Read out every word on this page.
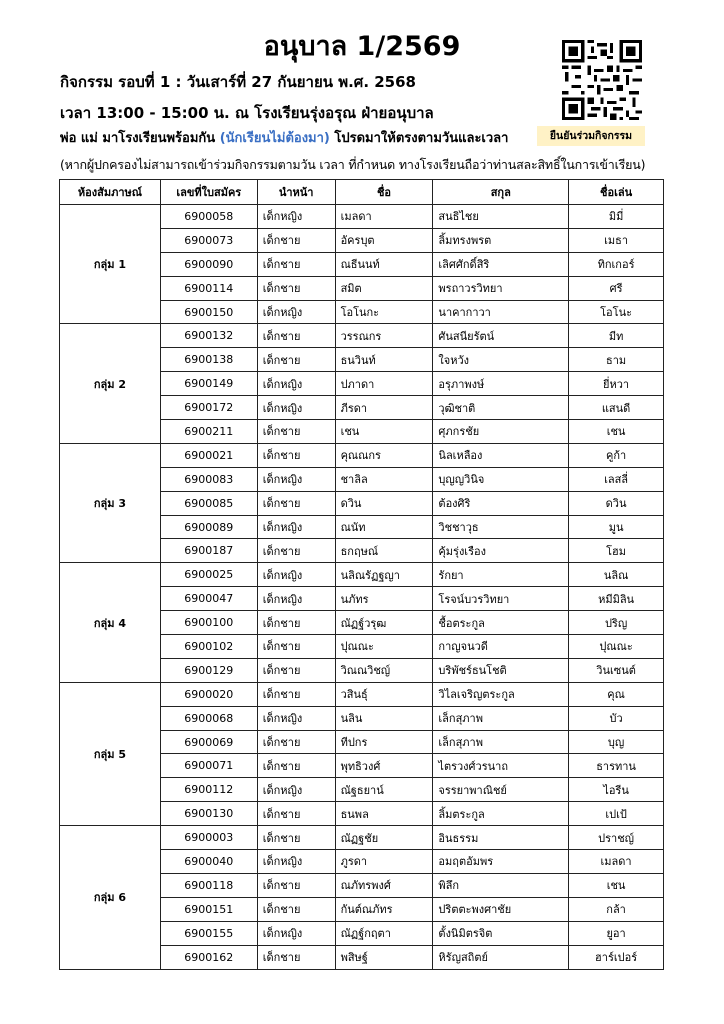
อนุบาล 1/2569
กิจกรรม รอบที่ 1 : วันเสาร์ที่ 27 กันยายน พ.ศ. 2568
เวลา 13:00 - 15:00 น. ณ โรงเรียนรุ่งอรุณ ฝ่ายอนุบาล
พ่อ แม่ มาโรงเรียนพร้อมกัน (นักเรียนไม่ต้องมา) โปรดมาให้ตรงตามวันและเวลา	ยืนยันร่วมกิจกรรม
(หากผู้ปกครองไม่สามารถเข้าร่วมกิจกรรมตามวัน เวลา ที่กำหนด ทางโรงเรียนถือว่าท่านสละสิทธิ์ในการเข้าเรียน)
ห้องสัมภาษณ์	เลขที่ใบสมัคร	นำหน้า	ชื่อ	สกุล	ชื่อเล่น
กลุ่ม 1	6900058	เด็กหญิง	เมลดา	สนธิไชย	มิมี่
	6900073	เด็กชาย	อัครบุต	ลิ้มทรงพรต	เมธา
	6900090	เด็กชาย	ณธีนนท์	เลิศศักดิ์สิริ	ทิกเกอร์
	6900114	เด็กชาย	สมิต	พรถาวรวิทยา	ศรี
	6900150	เด็กหญิง	โอโนกะ	นาคากาวา	โอโนะ
กลุ่ม 2	6900132	เด็กชาย	วรรณกร	ศันสนียรัตน์	มีท
	6900138	เด็กชาย	ธนวินท์	ใจหวัง	ธาม
	6900149	เด็กหญิง	ปภาดา	อรุภาพงษ์	ยี่หวา
	6900172	เด็กหญิง	ภีรดา	วุฒิชาติ	แสนดี
	6900211	เด็กชาย	เชน	ศุภกรชัย	เชน
กลุ่ม 3	6900021	เด็กชาย	คุณณกร	นิลเหลือง	คูก้า
	6900083	เด็กหญิง	ชาลิล	บุญญวินิจ	เลสลี่
	6900085	เด็กชาย	ดวิน	ต้องศิริ	ดวิน
	6900089	เด็กหญิง	ณนัท	วิชชาวุธ	มูน
	6900187	เด็กชาย	ธกฤษณ์	คุ้มรุ่งเรือง	โฮม
กลุ่ม 4	6900025	เด็กหญิง	นลิณรัฏฐญา	รักยา	นลิณ
	6900047	เด็กหญิง	นภัทร	โรจน์บวรวิทยา	หมีมิลิน
	6900100	เด็กชาย	ณัฏฐ์วรุฒ	ชื้อตระกูล	ปริญ
	6900102	เด็กชาย	ปุณณะ	กาญจนวดี	ปุณณะ
	6900129	เด็กชาย	วิณณวิชญ์	บริพัชร์ธนโชติ	วินเซนต์
กลุ่ม 5	6900020	เด็กชาย	วสินธุ์	วิไลเจริญตระกูล	คุณ
	6900068	เด็กหญิง	นลิน	เล็กสุภาพ	บัว
	6900069	เด็กชาย	ทีปกร	เล็กสุภาพ	บุญ
	6900071	เด็กชาย	พุทธิวงศ์	ไตรวงศ์วรนาถ	ธารทาน
	6900112	เด็กหญิง	ณัฐธยาน์	จรรยาพาณิชย์	ไอรีน
	6900130	เด็กชาย	ธนพล	ลิ้มตระกูล	เปเป้
กลุ่ม 6	6900003	เด็กชาย	ณัฏฐชัย	อินธรรม	ปราชญ์
	6900040	เด็กหญิง	ภูรดา	อมฤตอัมพร	เมลดา
	6900118	เด็กชาย	ณภัทรพงศ์	พิลึก	เชน
	6900151	เด็กชาย	กันต์ณภัทร	ปริตตะพงศาชัย	กล้า
	6900155	เด็กหญิง	ณัฏฐ์กฤตา	ตั้งนิมิตรจิต	ยูอา
	6900162	เด็กชาย	พสิษฐ์	หิรัญสถิตย์	ฮาร์เปอร์
